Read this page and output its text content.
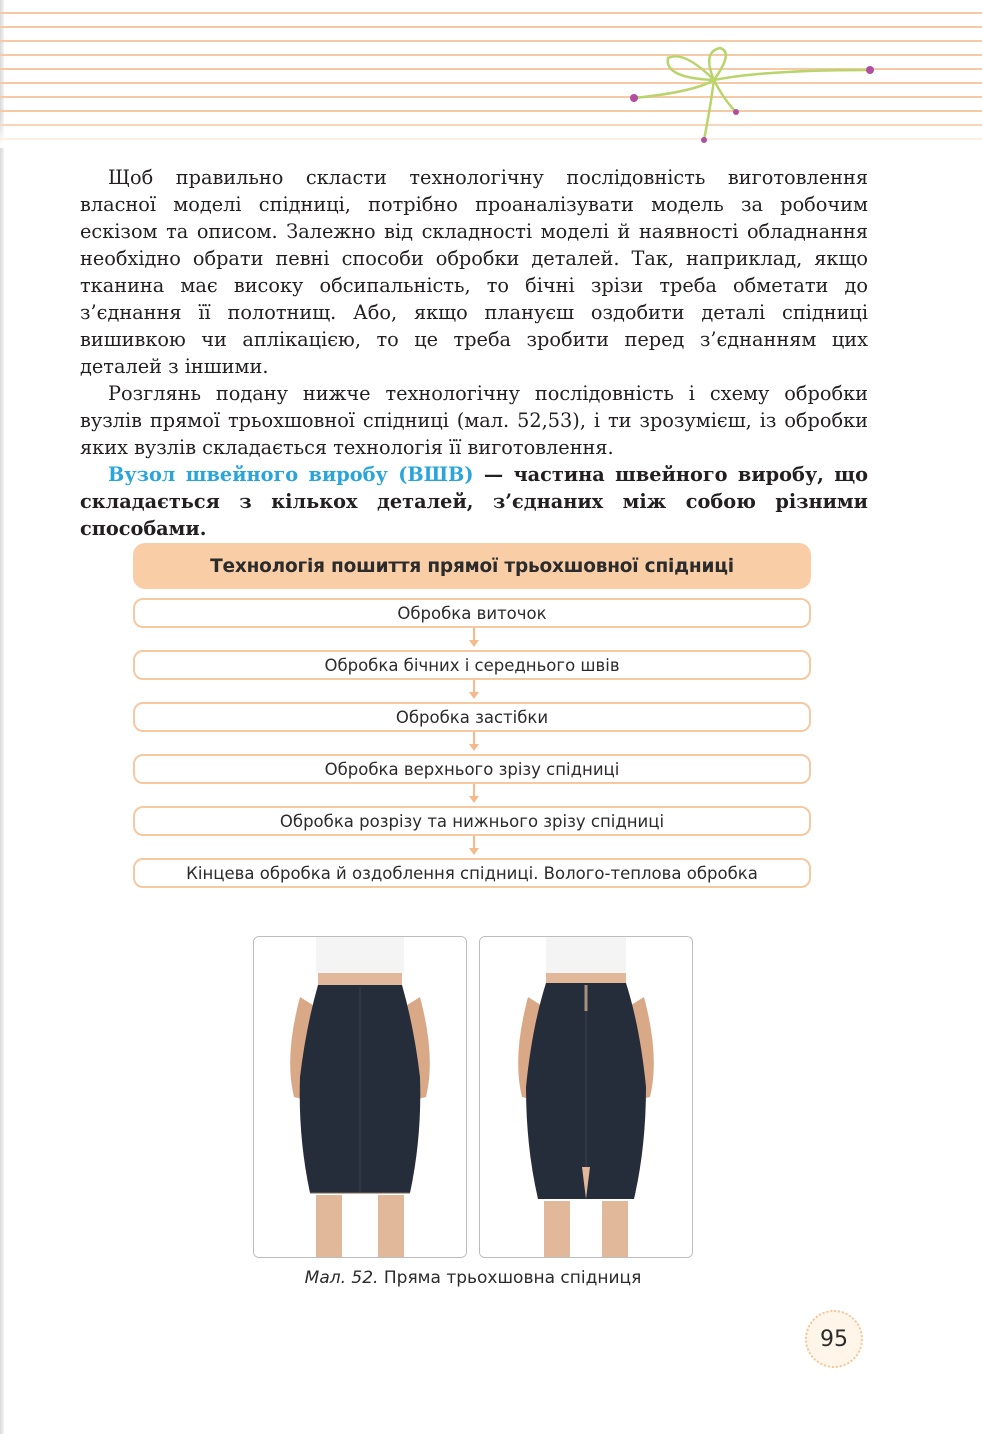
Щоб правильно скласти технологічну послідовність виготовлення власної моделі спідниці, потрібно проаналізувати модель за робочим ескізом та описом. Залежно від складності моделі й наявності обладнання необхідно обрати певні способи обробки деталей. Так, наприклад, якщо тканина має високу обсипальність, то бічні зрізи треба обметати до з’єднання її полотнищ. Або, якщо плануєш оздобити деталі спідниці вишивкою чи аплікацією, то це треба зробити перед з’єднанням цих деталей з іншими.

Розглянь подану нижче технологічну послідовність і схему обробки вузлів прямої трьохшовної спідниці (мал. 52,53), і ти зрозумієш, із обробки яких вузлів складається технологія її виготовлення.

Вузол швейного виробу (ВШВ) — частина швейного виробу, що складається з кількох деталей, з’єднаних між собою різними способами.

Технологія пошиття прямої трьохшовної спідниці
Обробка виточок
Обробка бічних і середнього швів
Обробка застібки
Обробка верхнього зрізу спідниці
Обробка розрізу та нижнього зрізу спідниці
Кінцева обробка й оздоблення спідниці. Волого-теплова обробка
Мал. 52. Пряма трьохшовна спідниця
95
